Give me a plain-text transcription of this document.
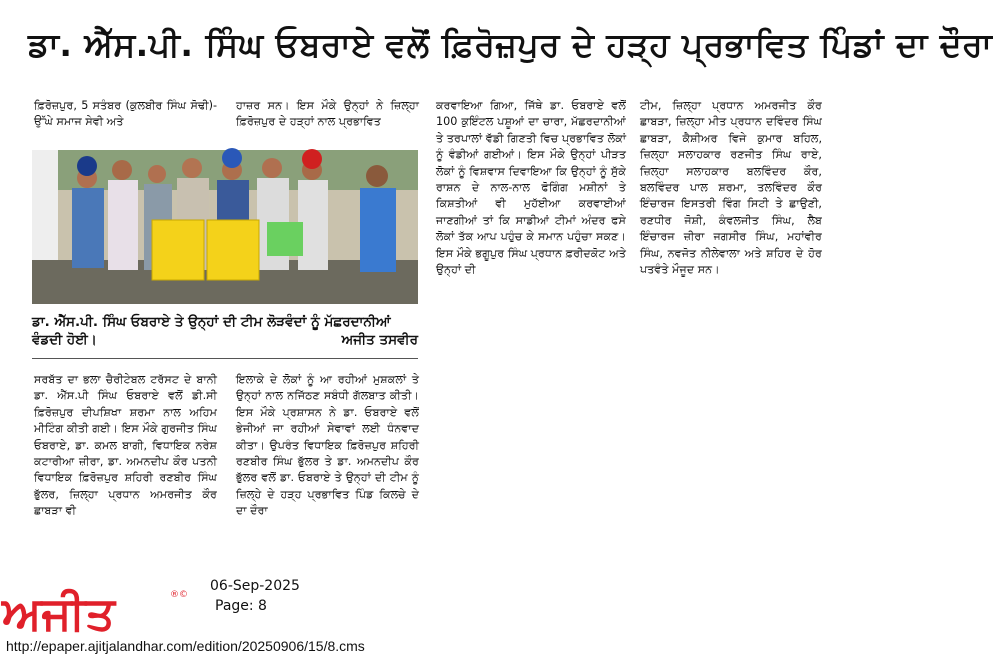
ਡਾ. ਐੱਸ.ਪੀ. ਸਿੰਘ ਓਬਰਾਏ ਵਲੋਂ ਫ਼ਿਰੋਜ਼ਪੁਰ ਦੇ ਹੜ੍ਹ ਪ੍ਰਭਾਵਿਤ ਪਿੰਡਾਂ ਦਾ ਦੌਰਾ

ਫ਼ਿਰੋਜ਼ਪੁਰ, 5 ਸਤੰਬਰ (ਕੁਲਬੀਰ ਸਿੰਘ ਸੋਢੀ)- ਉੱਘੇ ਸਮਾਜ ਸੇਵੀ ਅਤੇ

ਹਾਜ਼ਰ ਸਨ। ਇਸ ਮੌਕੇ ਉਨ੍ਹਾਂ ਨੇ ਜ਼ਿਲ੍ਹਾ ਫ਼ਿਰੋਜ਼ਪੁਰ ਦੇ ਹੜ੍ਹਾਂ ਨਾਲ ਪ੍ਰਭਾਵਿਤ

ਕਰਵਾਇਆ ਗਿਆ, ਜਿੱਥੇ ਡਾ. ਓਬਰਾਏ ਵਲੋਂ 100 ਕੁਇੰਟਲ ਪਸ਼ੂਆਂ ਦਾ ਚਾਰਾ, ਮੱਛਰਦਾਨੀਆਂ ਤੇ ਤਰਪਾਲਾਂ ਵੱਡੀ ਗਿਣਤੀ ਵਿਚ ਪ੍ਰਭਾਵਿਤ ਲੋਕਾਂ ਨੂੰ ਵੰਡੀਆਂ ਗਈਆਂ। ਇਸ ਮੌਕੇ ਉਨ੍ਹਾਂ ਪੀੜਤ ਲੋਕਾਂ ਨੂੰ ਵਿਸ਼ਵਾਸ ਦਿਵਾਇਆ ਕਿ ਉਨ੍ਹਾਂ ਨੂੰ ਸੁੱਕੇ ਰਾਸ਼ਨ ਦੇ ਨਾਲ-ਨਾਲ ਫੋਗਿੰਗ ਮਸ਼ੀਨਾਂ ਤੇ ਕਿਸ਼ਤੀਆਂ ਵੀ ਮੁਹੱਈਆ ਕਰਵਾਈਆਂ ਜਾਣਗੀਆਂ ਤਾਂ ਕਿ ਸਾਡੀਆਂ ਟੀਮਾਂ ਅੰਦਰ ਫਸੇ ਲੋਕਾਂ ਤੱਕ ਆਪ ਪਹੁੰਚ ਕੇ ਸਮਾਨ ਪਹੁੰਚਾ ਸਕਣ। ਇਸ ਮੌਕੇ ਭਗੂਪੁਰ ਸਿੰਘ ਪ੍ਰਧਾਨ ਫ਼ਰੀਦਕੋਟ ਅਤੇ ਉਨ੍ਹਾਂ ਦੀ

ਟੀਮ, ਜ਼ਿਲ੍ਹਾ ਪ੍ਰਧਾਨ ਅਮਰਜੀਤ ਕੌਰ ਛਾਬੜਾ, ਜ਼ਿਲ੍ਹਾ ਮੀਤ ਪ੍ਰਧਾਨ ਦਵਿੰਦਰ ਸਿੰਘ ਛਾਬੜਾ, ਕੈਸ਼ੀਅਰ ਵਿਜੇ ਕੁਮਾਰ ਬਹਿਲ, ਜ਼ਿਲ੍ਹਾ ਸਲਾਹਕਾਰ ਰਣਜੀਤ ਸਿੰਘ ਰਾਏ, ਜ਼ਿਲ੍ਹਾ ਸਲਾਹਕਾਰ ਬਲਵਿੰਦਰ ਕੌਰ, ਬਲਵਿੰਦਰ ਪਾਲ ਸ਼ਰਮਾ, ਤਲਵਿੰਦਰ ਕੌਰ ਇੰਚਾਰਜ ਇਸਤਰੀ ਵਿੰਗ ਸਿਟੀ ਤੇ ਛਾਉਣੀ, ਰਣਧੀਰ ਜੋਸ਼ੀ, ਕੰਵਲਜੀਤ ਸਿੰਘ, ਲੈਬ ਇੰਚਾਰਜ ਜ਼ੀਰਾ ਜਗਸੀਰ ਸਿੰਘ, ਮਹਾਂਵੀਰ ਸਿੰਘ, ਨਵਜੋਤ ਨੀਲੇਵਾਲਾ ਅਤੇ ਸ਼ਹਿਰ ਦੇ ਹੋਰ ਪਤਵੰਤੇ ਮੌਜੂਦ ਸਨ।

ਡਾ. ਐੱਸ.ਪੀ. ਸਿੰਘ ਓਬਰਾਏ ਤੇ ਉਨ੍ਹਾਂ ਦੀ ਟੀਮ ਲੋੜਵੰਦਾਂ ਨੂੰ ਮੱਛਰਦਾਨੀਆਂ ਵੰਡਦੀ ਹੋਈ।	ਅਜੀਤ ਤਸਵੀਰ

ਸਰਬੱਤ ਦਾ ਭਲਾ ਚੈਰੀਟੇਬਲ ਟਰੱਸਟ ਦੇ ਬਾਨੀ ਡਾ. ਐੱਸ.ਪੀ ਸਿੰਘ ਓਬਰਾਏ ਵਲੋਂ ਡੀ.ਸੀ ਫ਼ਿਰੋਜ਼ਪੁਰ ਦੀਪਸ਼ਿਖਾ ਸ਼ਰਮਾ ਨਾਲ ਅਹਿਮ ਮੀਟਿੰਗ ਕੀਤੀ ਗਈ। ਇਸ ਮੌਕੇ ਗੁਰਜੀਤ ਸਿੰਘ ਓਬਰਾਏ, ਡਾ. ਕਮਲ ਬਾਗੀ, ਵਿਧਾਇਕ ਨਰੇਸ਼ ਕਟਾਰੀਆ ਜ਼ੀਰਾ, ਡਾ. ਅਮਨਦੀਪ ਕੌਰ ਪਤਨੀ ਵਿਧਾਇਕ ਫ਼ਿਰੋਜ਼ਪੁਰ ਸ਼ਹਿਰੀ ਰਣਬੀਰ ਸਿੰਘ ਭੁੱਲਰ, ਜ਼ਿਲ੍ਹਾ ਪ੍ਰਧਾਨ ਅਮਰਜੀਤ ਕੌਰ ਛਾਬੜਾ ਵੀ

ਇਲਾਕੇ ਦੇ ਲੋਕਾਂ ਨੂੰ ਆ ਰਹੀਆਂ ਮੁਸ਼ਕਲਾਂ ਤੇ ਉਨ੍ਹਾਂ ਨਾਲ ਨਜਿੱਠਣ ਸਬੰਧੀ ਗੱਲਬਾਤ ਕੀਤੀ। ਇਸ ਮੌਕੇ ਪ੍ਰਸ਼ਾਸਨ ਨੇ ਡਾ. ਓਬਰਾਏ ਵਲੋਂ ਭੇਜੀਆਂ ਜਾ ਰਹੀਆਂ ਸੇਵਾਵਾਂ ਲਈ ਧੰਨਵਾਦ ਕੀਤਾ। ਉਪਰੰਤ ਵਿਧਾਇਕ ਫ਼ਿਰੋਜ਼ਪੁਰ ਸ਼ਹਿਰੀ ਰਣਬੀਰ ਸਿੰਘ ਭੁੱਲਰ ਤੇ ਡਾ. ਅਮਨਦੀਪ ਕੌਰ ਭੁੱਲਰ ਵਲੋਂ ਡਾ. ਓਬਰਾਏ ਤੇ ਉਨ੍ਹਾਂ ਦੀ ਟੀਮ ਨੂੰ ਜ਼ਿਲ੍ਹੇ ਦੇ ਹੜ੍ਹ ਪ੍ਰਭਾਵਿਤ ਪਿੰਡ ਕਿਲਚੇ ਦੇ ਦਾ ਦੌਰਾ

ਅਜੀਤ	®©
06-Sep-2025
Page: 8
http://epaper.ajitjalandhar.com/edition/20250906/15/8.cms
